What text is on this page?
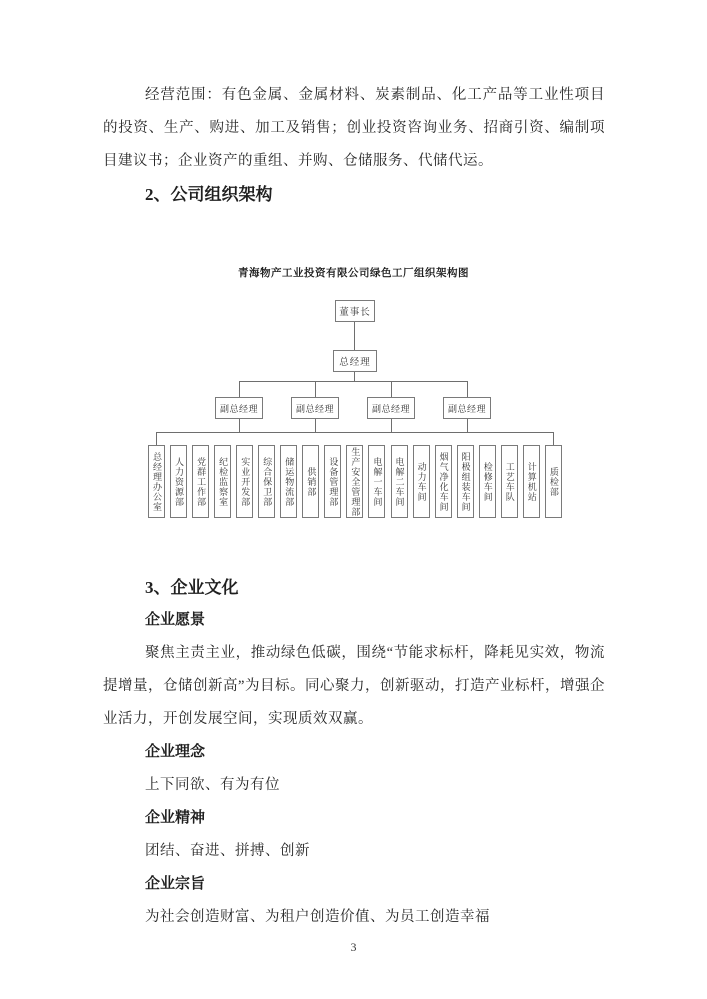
经营范围：有色金属、金属材料、炭素制品、化工产品等工业性项目的投资、生产、购进、加工及销售；创业投资咨询业务、招商引资、编制项目建议书；企业资产的重组、并购、仓储服务、代储代运。

2、公司组织架构
青海物产工业投资有限公司绿色工厂组织架构图
董事长
总经理
副总经理	副总经理	副总经理	副总经理
总经理办公室	人力资源部	党群工作部	纪检监察室	实业开发部	综合保卫部	储运物流部	供销部	设备管理部	生产安全管理部	电解一车间	电解二车间	动力车间	烟气净化车间	阳极组装车间	检修车间	工艺车队	计算机站	质检部
3、企业文化
企业愿景

聚焦主责主业，推动绿色低碳，围绕“节能求标杆，降耗见实效，物流提增量，仓储创新高”为目标。同心聚力，创新驱动，打造产业标杆，增强企业活力，开创发展空间，实现质效双赢。

企业理念

上下同欲、有为有位

企业精神

团结、奋进、拼搏、创新

企业宗旨

为社会创造财富、为租户创造价值、为员工创造幸福

3
